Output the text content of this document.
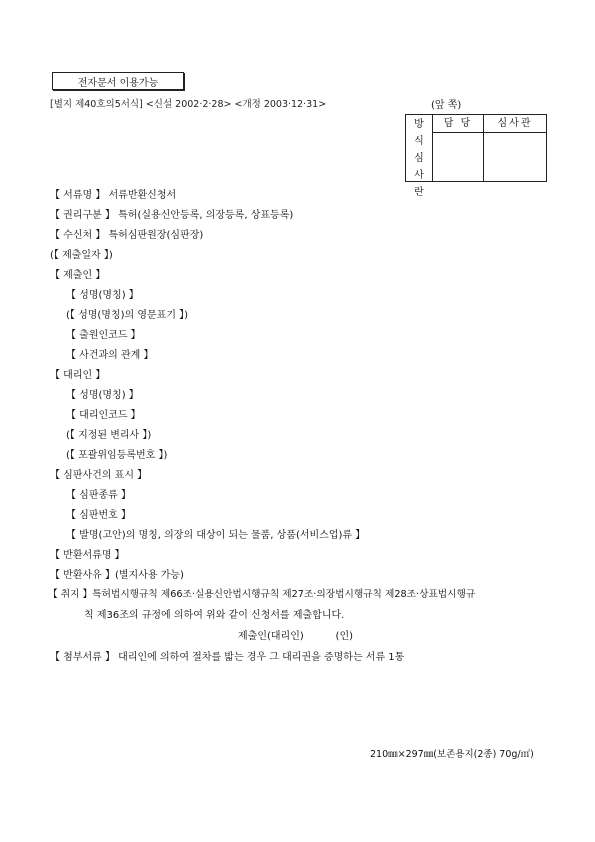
전자문서 이용가능
[별지 제40호의5서식] <신설 2002·2·28> <개정 2003·12·31>	(앞 쪽)
방
식
심
사
란
담 당	심사관
【 서류명 】 서류반환신청서
【 권리구분 】 특허(실용신안등록, 의장등록, 상표등록)
【 수신처 】 특허심판원장(심판장)
(【 제출일자 】)
【 제출인 】
【 성명(명칭) 】
(【 성명(명칭)의 영문표기 】)
【 출원인코드 】
【 사건과의 관계 】
【 대리인 】
【 성명(명칭) 】
【 대리인코드 】
(【 지정된 변리사 】)
(【 포괄위임등록번호 】)
【 심판사건의 표시 】
【 심판종류 】
【 심판번호 】
【 발명(고안)의 명칭, 의장의 대상이 되는 물품, 상품(서비스업)류 】
【 반환서류명 】
【 반환사유 】(별지사용 가능)
【 취지 】특허법시행규칙 제66조·실용신안법시행규칙 제27조·의장법시행규칙 제28조·상표법시행규
칙 제36조의 규정에 의하여 위와 같이 신청서를 제출합니다.
제출인(대리인)          (인)
【 첨부서류 】 대리인에 의하여 절차를 밟는 경우 그 대리권을 증명하는 서류 1통
210㎜×297㎜(보존용지(2종) 70g/㎡)
